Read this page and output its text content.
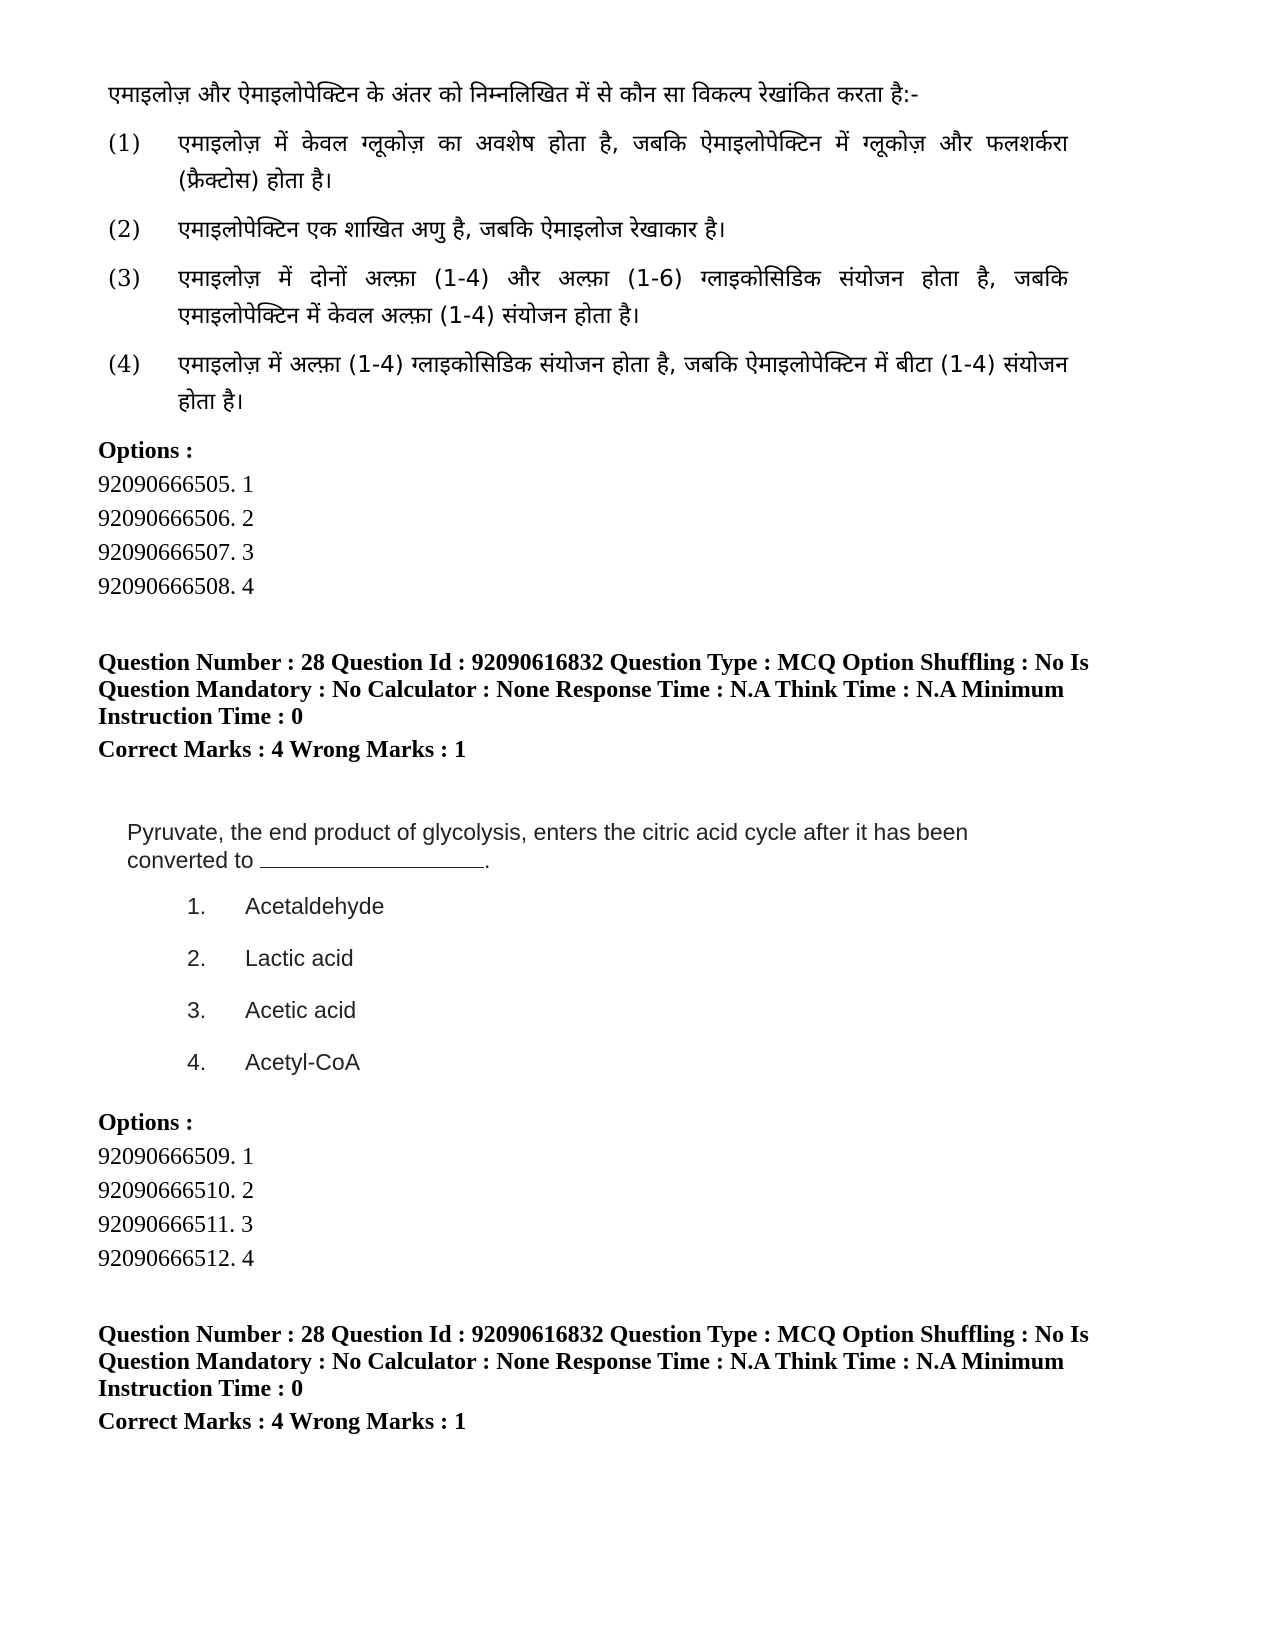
एमाइलोज़ और ऐमाइलोपेक्टिन के अंतर को निम्नलिखित में से कौन सा विकल्प रेखांकित करता है:-

(1)	एमाइलोज़ में केवल ग्लूकोज़ का अवशेष होता है, जबकि ऐमाइलोपेक्टिन में ग्लूकोज़ और फलशर्करा (फ्रैक्टोस) होता है।
(2)	एमाइलोपेक्टिन एक शाखित अणु है, जबकि ऐमाइलोज रेखाकार है।
(3)	एमाइलोज़ में दोनों अल्फ़ा (1-4) और अल्फ़ा (1-6) ग्लाइकोसिडिक संयोजन होता है, जबकि एमाइलोपेक्टिन में केवल अल्फ़ा (1-4) संयोजन होता है।
(4)	एमाइलोज़ में अल्फ़ा (1-4) ग्लाइकोसिडिक संयोजन होता है, जबकि ऐमाइलोपेक्टिन में बीटा (1-4) संयोजन होता है।
Options :
92090666505. 1
92090666506. 2
92090666507. 3
92090666508. 4
Question Number : 28 Question Id : 92090616832 Question Type : MCQ Option Shuffling : No Is Question Mandatory : No Calculator : None Response Time : N.A Think Time : N.A Minimum Instruction Time : 0
Correct Marks : 4 Wrong Marks : 1
Pyruvate, the end product of glycolysis, enters the citric acid cycle after it has been converted to	.
1.	Acetaldehyde
2.	Lactic acid
3.	Acetic acid
4.	Acetyl-CoA
Options :
92090666509. 1
92090666510. 2
92090666511. 3
92090666512. 4
Question Number : 28 Question Id : 92090616832 Question Type : MCQ Option Shuffling : No Is Question Mandatory : No Calculator : None Response Time : N.A Think Time : N.A Minimum Instruction Time : 0
Correct Marks : 4 Wrong Marks : 1
